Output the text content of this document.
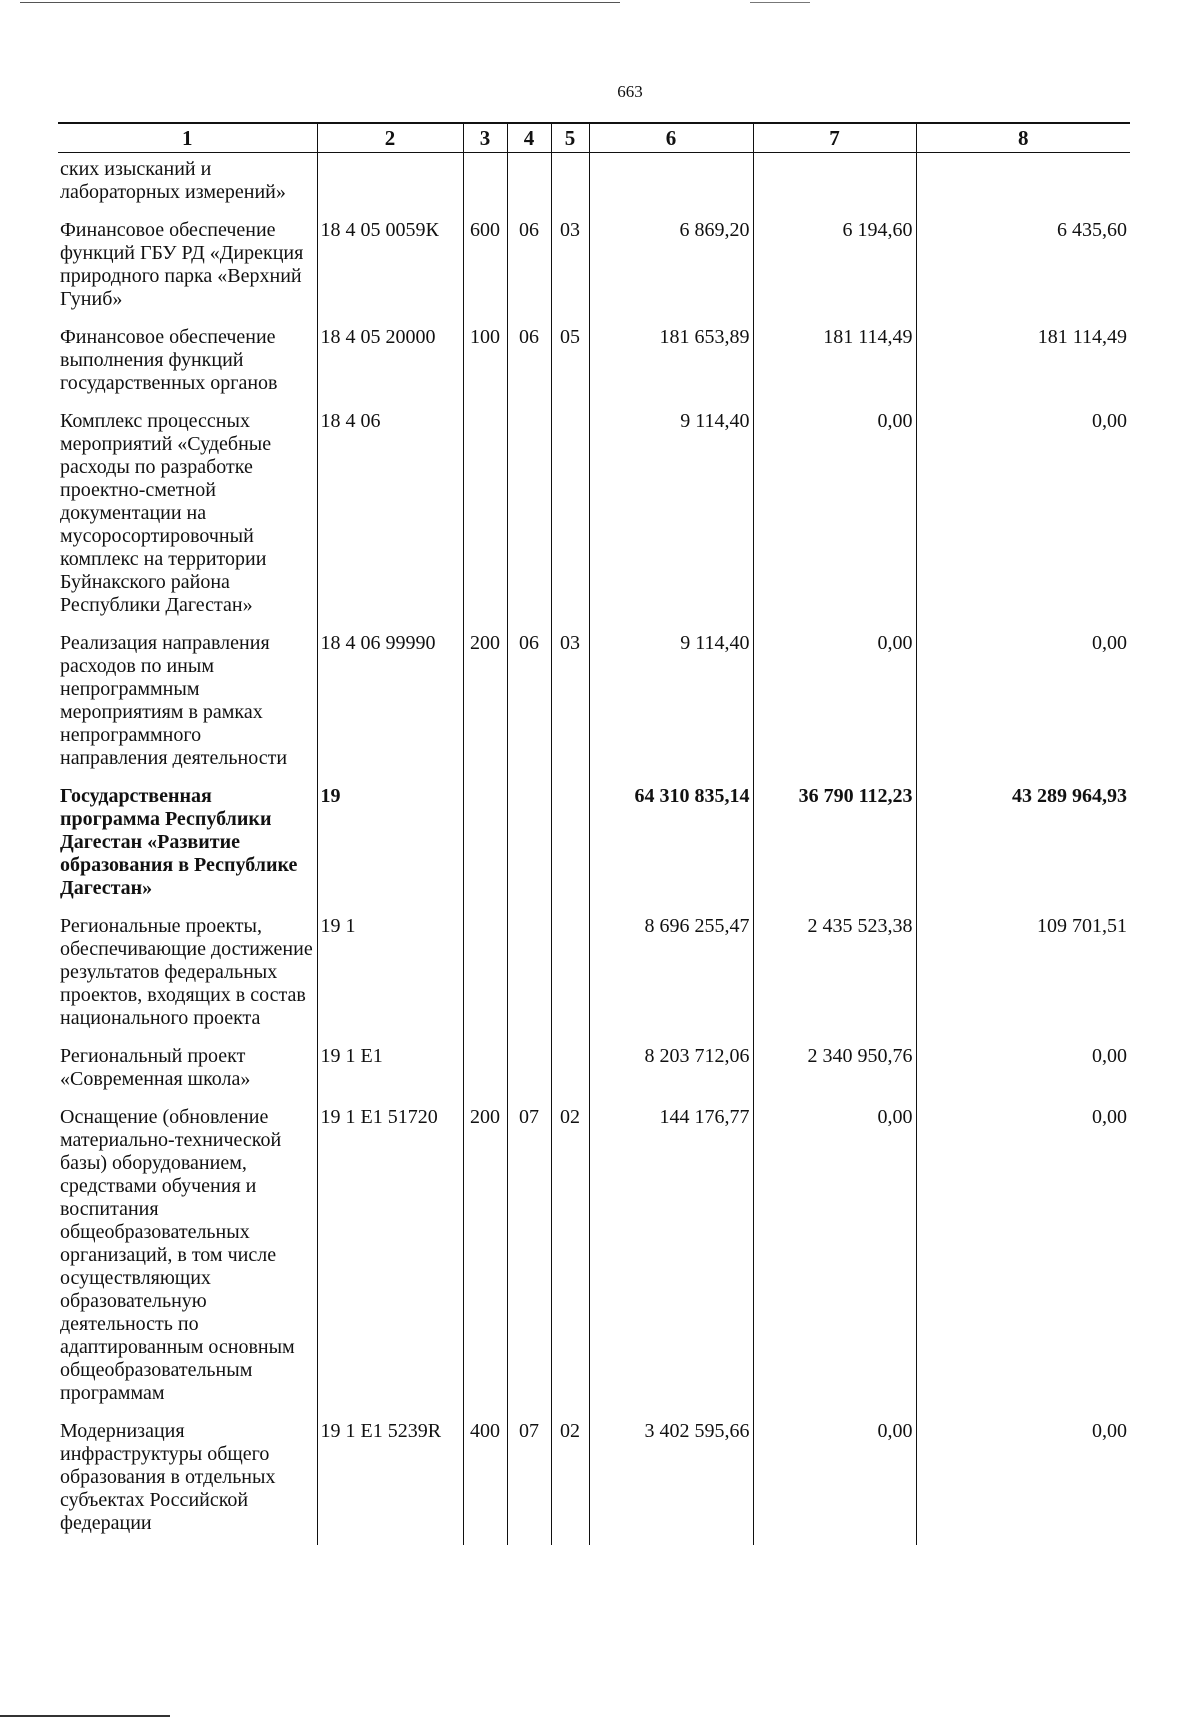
663
1	2	3	4	5	6	7	8
ских изысканий и лабораторных измерений»							
Финансовое обеспечение функций ГБУ РД «Дирекция природного парка «Верхний Гуниб»	18 4 05 0059К	600	06	03	6 869,20	6 194,60	6 435,60
Финансовое обеспечение выполнения функций государственных органов	18 4 05 20000	100	06	05	181 653,89	181 114,49	181 114,49
Комплекс процессных мероприятий «Судебные расходы по разработке проектно-сметной документации на мусоросортировочный комплекс на территории Буйнакского района Республики Дагестан»	18 4 06				9 114,40	0,00	0,00
Реализация направления расходов по иным непрограммным мероприятиям в рамках непрограммного направления деятельности	18 4 06 99990	200	06	03	9 114,40	0,00	0,00
Государственная программа Республики Дагестан «Развитие образования в Республике Дагестан»	19				64 310 835,14	36 790 112,23	43 289 964,93
Региональные проекты, обеспечивающие достижение результатов федеральных проектов, входящих в состав национального проекта	19 1				8 696 255,47	2 435 523,38	109 701,51
Региональный проект «Современная школа»	19 1 E1				8 203 712,06	2 340 950,76	0,00
Оснащение (обновление материально-технической базы) оборудованием, средствами обучения и воспитания общеобразовательных организаций, в том числе осуществляющих образовательную деятельность по адаптированным основным общеобразовательным программам	19 1 E1 51720	200	07	02	144 176,77	0,00	0,00
Модернизация инфраструктуры общего образования в отдельных субъектах Российской федерации	19 1 E1 5239R	400	07	02	3 402 595,66	0,00	0,00
